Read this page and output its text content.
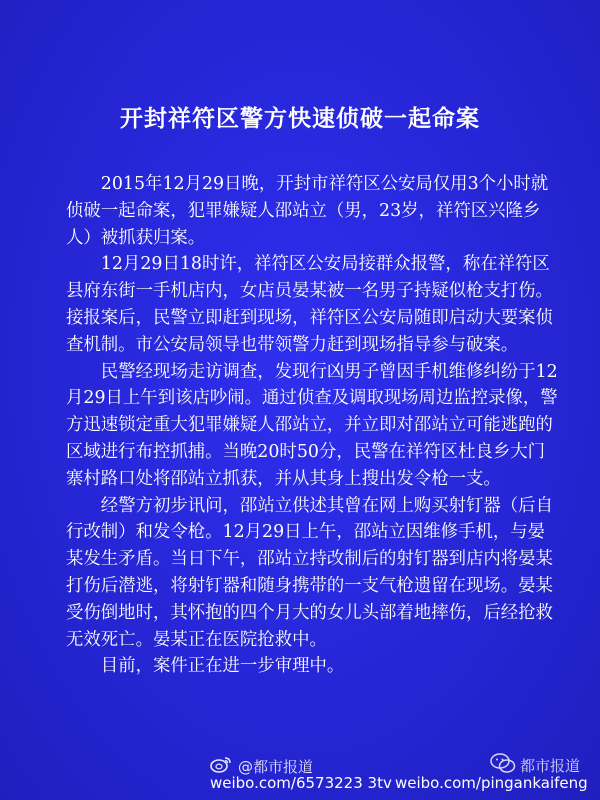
开封祥符区警方快速侦破一起命案

2015年12月29日晚，开封市祥符区公安局仅用3个小时就侦破一起命案，犯罪嫌疑人邵站立（男，23岁，祥符区兴隆乡人）被抓获归案。

12月29日18时许，祥符区公安局接群众报警，称在祥符区县府东街一手机店内，女店员晏某被一名男子持疑似枪支打伤。接报案后，民警立即赶到现场，祥符区公安局随即启动大要案侦查机制。市公安局领导也带领警力赶到现场指导参与破案。

民警经现场走访调查，发现行凶男子曾因手机维修纠纷于12月29日上午到该店吵闹。通过侦查及调取现场周边监控录像，警方迅速锁定重大犯罪嫌疑人邵站立，并立即对邵站立可能逃跑的区域进行布控抓捕。当晚20时50分，民警在祥符区杜良乡大门寨村路口处将邵站立抓获，并从其身上搜出发令枪一支。

经警方初步讯问，邵站立供述其曾在网上购买射钉器（后自行改制）和发令枪。12月29日上午，邵站立因维修手机，与晏某发生矛盾。当日下午，邵站立持改制后的射钉器到店内将晏某打伤后潜逃，将射钉器和随身携带的一支气枪遗留在现场。晏某受伤倒地时，其怀抱的四个月大的女儿头部着地摔伤，后经抢救无效死亡。晏某正在医院抢救中。

目前，案件正在进一步审理中。

@都市报道
weibo.com/6573223 3tv
都市报道
weibo.com/pingankaifeng
